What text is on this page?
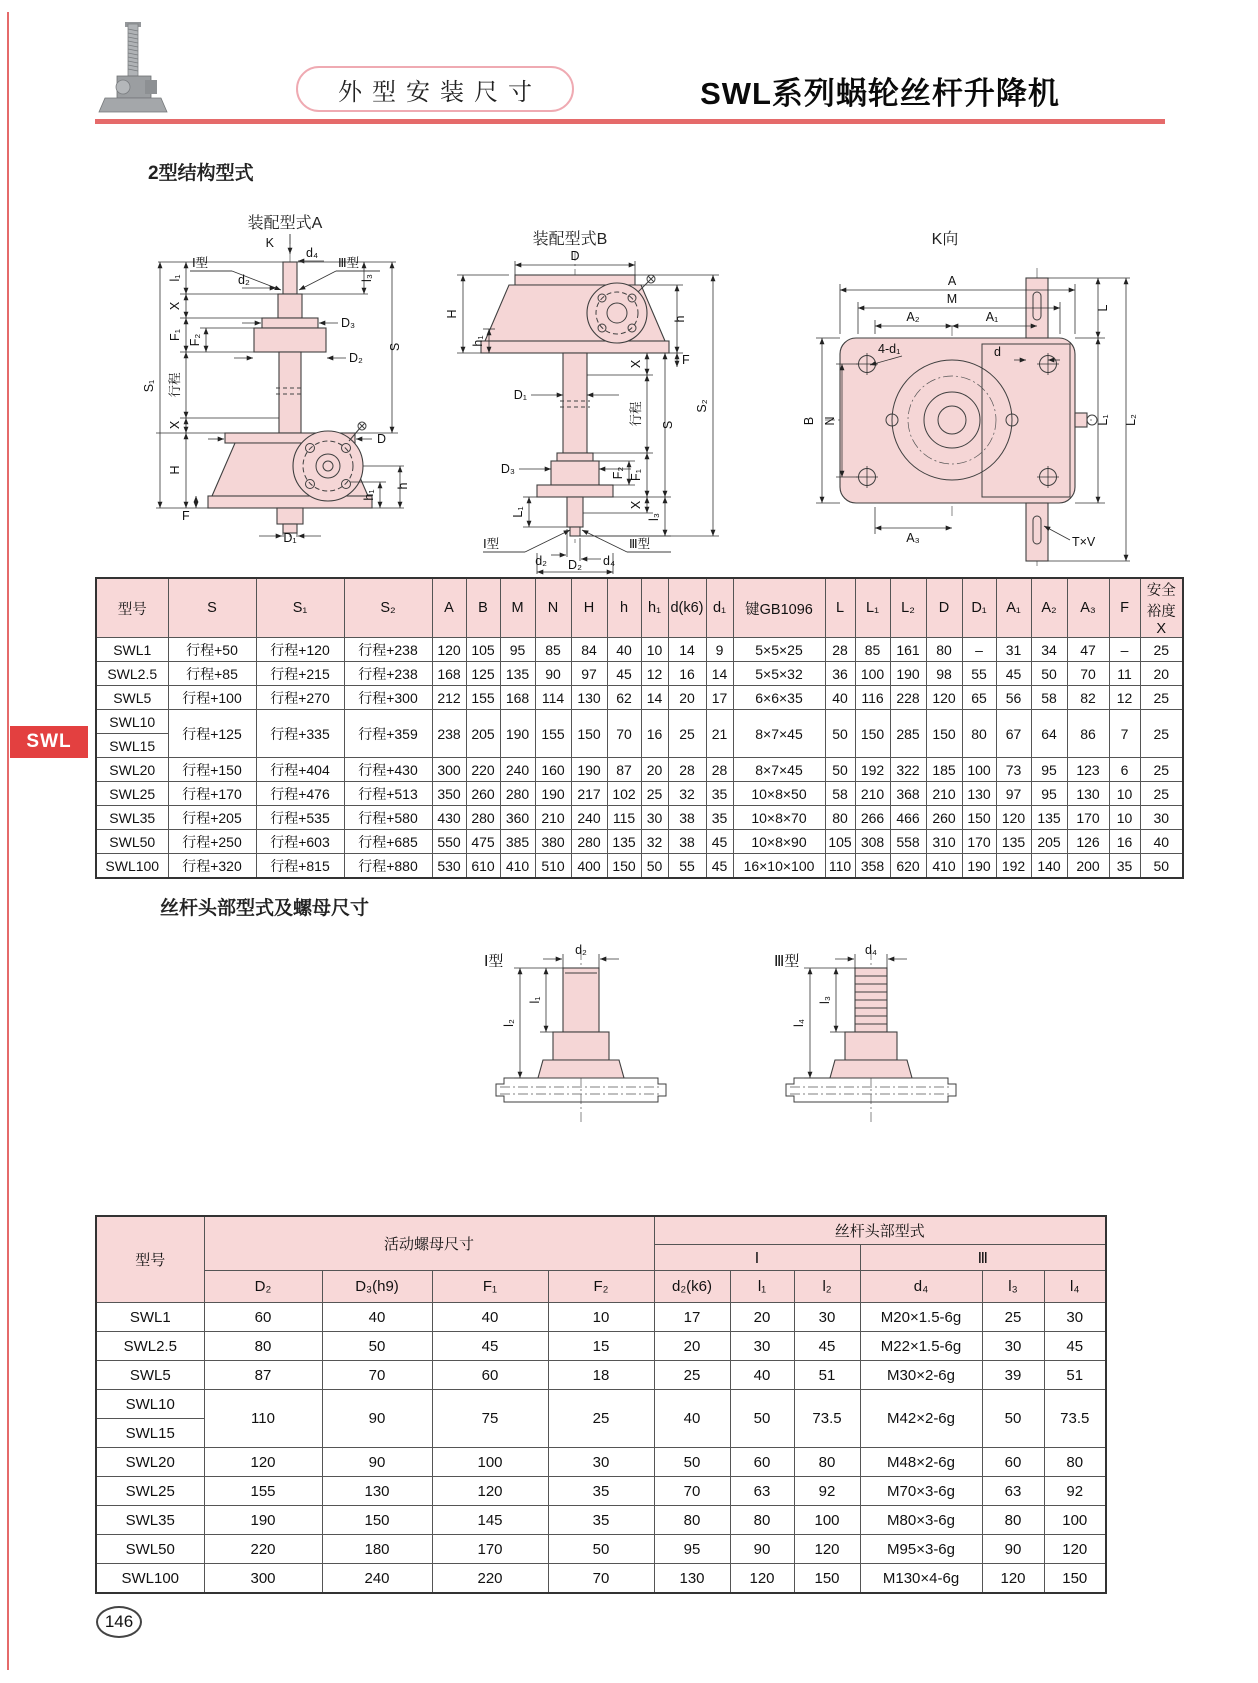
外型安装尺寸	SWL系列蜗轮丝杆升降机
2型结构型式
装配型式A
装配型式B	K向
K
Ⅰ型
d₂
d₄
Ⅲ型
S₁
l₁
X
F₁ F₂
行程
X
H
l₃
S
D₃
D₂
D
h₁
h
F
D₁
D
H
h₁
h
F
S₂
X
行程 S
F₁
F₂
X
l₃
D₁
D₃
L₁
Ⅰ型
d₂	d₄
Ⅲ型
D₂
A
M
A₂	A₁
4-d₁	d
L
L₁ L₂
B N
A₃	T×V
丝杆头部型式及螺母尺寸
Ⅰ型
d₂
l₁
l₂
Ⅲ型
d₄
l₃
l₄
型号	S	S₁	S₂	A	B	M	N	H	h	h₁	d(k6)	d₁	键GB1096	L	L₁	L₂	D	D₁	A₁	A₂	A₃	F	安全
裕度
X
SWL1	行程+50	行程+120	行程+238	120	105	95	85	84	40	10	14	9	5×5×25	28	85	161	80	–	31	34	47	–	25
SWL2.5	行程+85	行程+215	行程+238	168	125	135	90	97	45	12	16	14	5×5×32	36	100	190	98	55	45	50	70	11	20
SWL5	行程+100	行程+270	行程+300	212	155	168	114	130	62	14	20	17	6×6×35	40	116	228	120	65	56	58	82	12	25
SWL10	行程+125	行程+335	行程+359	238	205	190	155	150	70	16	25	21	8×7×45	50	150	285	150	80	67	64	86	7	25
SWL15																							
SWL20	行程+150	行程+404	行程+430	300	220	240	160	190	87	20	28	28	8×7×45	50	192	322	185	100	73	95	123	6	25
SWL25	行程+170	行程+476	行程+513	350	260	280	190	217	102	25	32	35	10×8×50	58	210	368	210	130	97	95	130	10	25
SWL35	行程+205	行程+535	行程+580	430	280	360	210	240	115	30	38	35	10×8×70	80	266	466	260	150	120	135	170	10	30
SWL50	行程+250	行程+603	行程+685	550	475	385	380	280	135	32	38	45	10×8×90	105	308	558	310	170	135	205	126	16	40
SWL100	行程+320	行程+815	行程+880	530	610	410	510	400	150	50	55	45	16×10×100	110	358	620	410	190	192	140	200	35	50
型号	活动螺母尺寸				丝杆头部型式					
					Ⅰ			Ⅲ		
	D₂	D₃(h9)	F₁	F₂	d₂(k6)	l₁	l₂	d₄	l₃	l₄
SWL1	60	40	40	10	17	20	30	M20×1.5-6g	25	30
SWL2.5	80	50	45	15	20	30	45	M22×1.5-6g	30	45
SWL5	87	70	60	18	25	40	51	M30×2-6g	39	51
SWL10	110	90	75	25	40	50	73.5	M42×2-6g	50	73.5
SWL15										
SWL20	120	90	100	30	50	60	80	M48×2-6g	60	80
SWL25	155	130	120	35	70	63	92	M70×3-6g	63	92
SWL35	190	150	145	35	80	80	100	M80×3-6g	80	100
SWL50	220	180	170	50	95	90	120	M95×3-6g	90	120
SWL100	300	240	220	70	130	120	150	M130×4-6g	120	150
SWL
146
